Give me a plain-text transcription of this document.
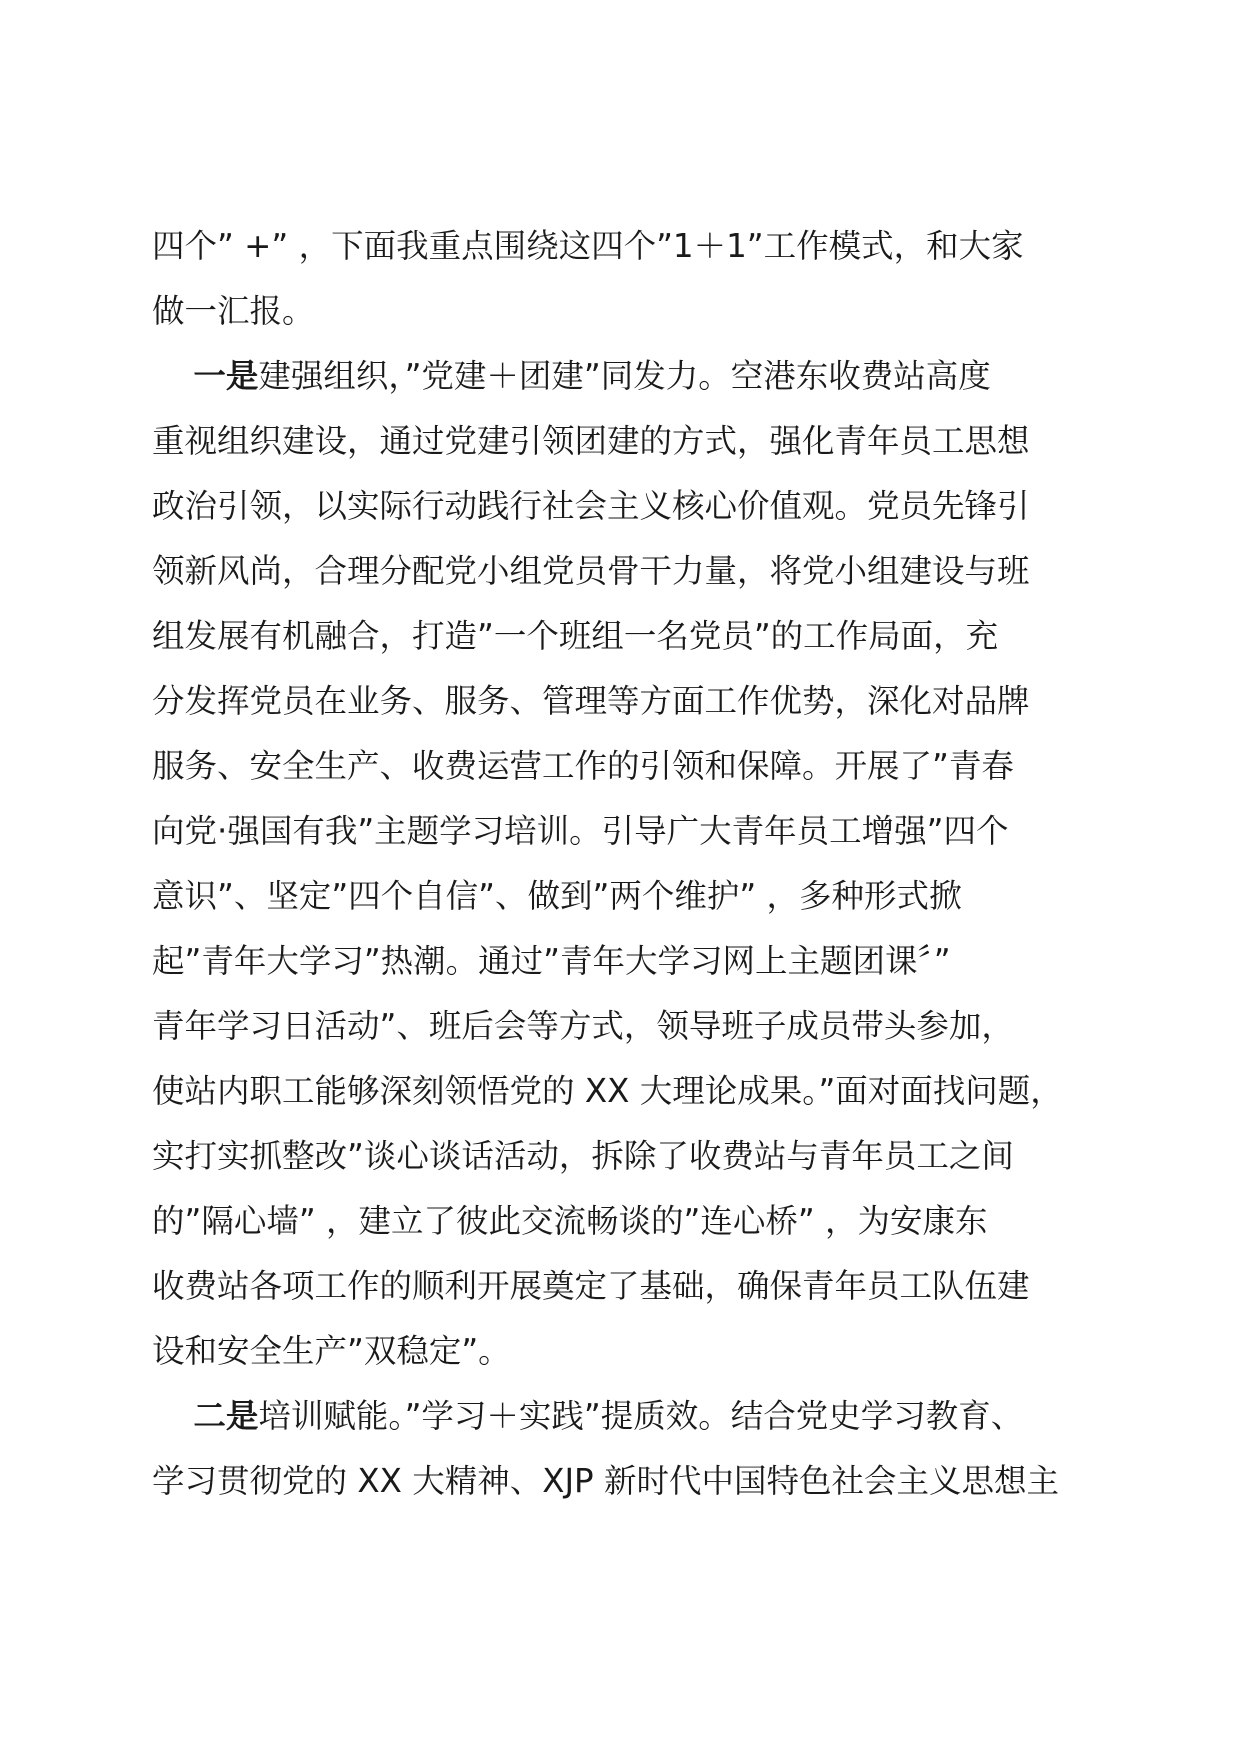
四个” +” ，下面我重点围绕这四个”1＋1”工作模式，和大家
做一汇报。
一是建强组织，”党建＋团建”同发力。空港东收费站高度
重视组织建设，通过党建引领团建的方式，强化青年员工思想
政治引领，以实际行动践行社会主义核心价值观。党员先锋引
领新风尚，合理分配党小组党员骨干力量，将党小组建设与班
组发展有机融合，打造”一个班组一名党员”的工作局面，充
分发挥党员在业务、服务、管理等方面工作优势，深化对品牌
服务、安全生产、收费运营工作的引领和保障。开展了”青春
向党·强国有我”主题学习培训。引导广大青年员工增强”四个
意识”、坚定”四个自信”、做到”两个维护” ，多种形式掀
起”青年大学习”热潮。通过”青年大学习网上主题团课〞”
青年学习日活动”、班后会等方式，领导班子成员带头参加，
使站内职工能够深刻领悟党的 XX 大理论成果。”面对面找问题，
实打实抓整改”谈心谈话活动，拆除了收费站与青年员工之间
的”隔心墙” ，建立了彼此交流畅谈的”连心桥” ，为安康东
收费站各项工作的顺利开展奠定了基础，确保青年员工队伍建
设和安全生产”双稳定”。
二是培训赋能。”学习＋实践”提质效。结合党史学习教育、
学习贯彻党的 XX 大精神、XJP 新时代中国特色社会主义思想主
